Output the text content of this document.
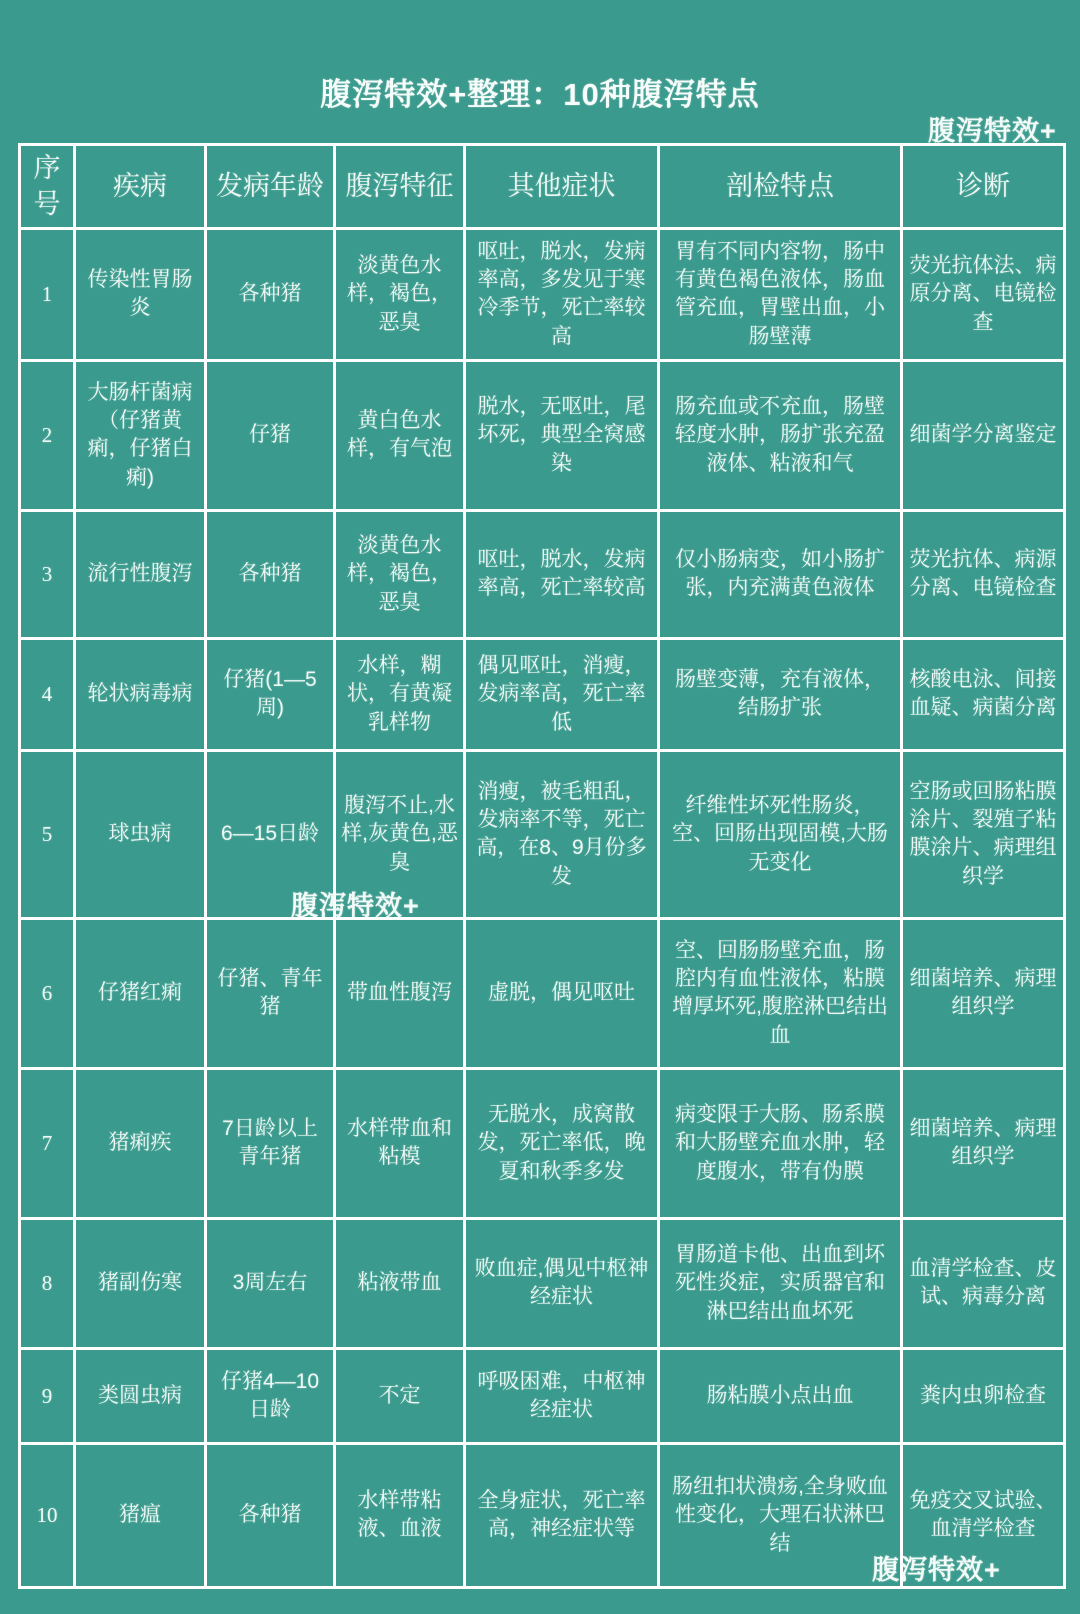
腹泻特效+整理：10种腹泻特点
腹泻特效+
腹泻特效+
腹泻特效+
序号	疾病	发病年龄	腹泻特征	其他症状	剖检特点	诊断
1	传染性胃肠炎	各种猪	淡黄色水样，褐色，恶臭	呕吐，脱水，发病率高，多发见于寒冷季节，死亡率较高	胃有不同内容物，肠中有黄色褐色液体，肠血管充血，胃壁出血，小肠壁薄	荧光抗体法、病原分离、电镜检查
2	大肠杆菌病（仔猪黄痢，仔猪白痢)	仔猪	黄白色水样，有气泡	脱水，无呕吐，尾坏死，典型全窝感染	肠充血或不充血，肠壁轻度水肿，肠扩张充盈液体、粘液和气	细菌学分离鉴定
3	流行性腹泻	各种猪	淡黄色水样，褐色，恶臭	呕吐，脱水，发病率高，死亡率较高	仅小肠病变，如小肠扩张，内充满黄色液体	荧光抗体、病源分离、电镜检查
4	轮状病毒病	仔猪(1—5周)	水样，糊状，有黄凝乳样物	偶见呕吐，消瘦，发病率高，死亡率低	肠壁变薄，充有液体，结肠扩张	核酸电泳、间接血疑、病菌分离
5	球虫病	6—15日龄	腹泻不止,水样,灰黄色,恶臭	消瘦，被毛粗乱，发病率不等，死亡高，在8、9月份多发	纤维性坏死性肠炎，空、回肠出现固模,大肠无变化	空肠或回肠粘膜涂片、裂殖子粘膜涂片、病理组织学
6	仔猪红痢	仔猪、青年猪	带血性腹泻	虚脱，偶见呕吐	空、回肠肠壁充血，肠腔内有血性液体，粘膜增厚坏死,腹腔淋巴结出血	细菌培养、病理组织学
7	猪痢疾	7日龄以上青年猪	水样带血和粘模	无脱水，成窝散发，死亡率低，晚夏和秋季多发	病变限于大肠、肠系膜和大肠壁充血水肿，轻度腹水，带有伪膜	细菌培养、病理组织学
8	猪副伤寒	3周左右	粘液带血	败血症,偶见中枢神经症状	胃肠道卡他、出血到坏死性炎症，实质器官和淋巴结出血坏死	血清学检查、皮试、病毒分离
9	类圆虫病	仔猪4—10日龄	不定	呼吸困难，中枢神经症状	肠粘膜小点出血	粪内虫卵检查
10	猪瘟	各种猪	水样带粘液、血液	全身症状，死亡率高，神经症状等	肠纽扣状溃疡,全身败血性变化，大理石状淋巴结	免疫交叉试验、血清学检查
